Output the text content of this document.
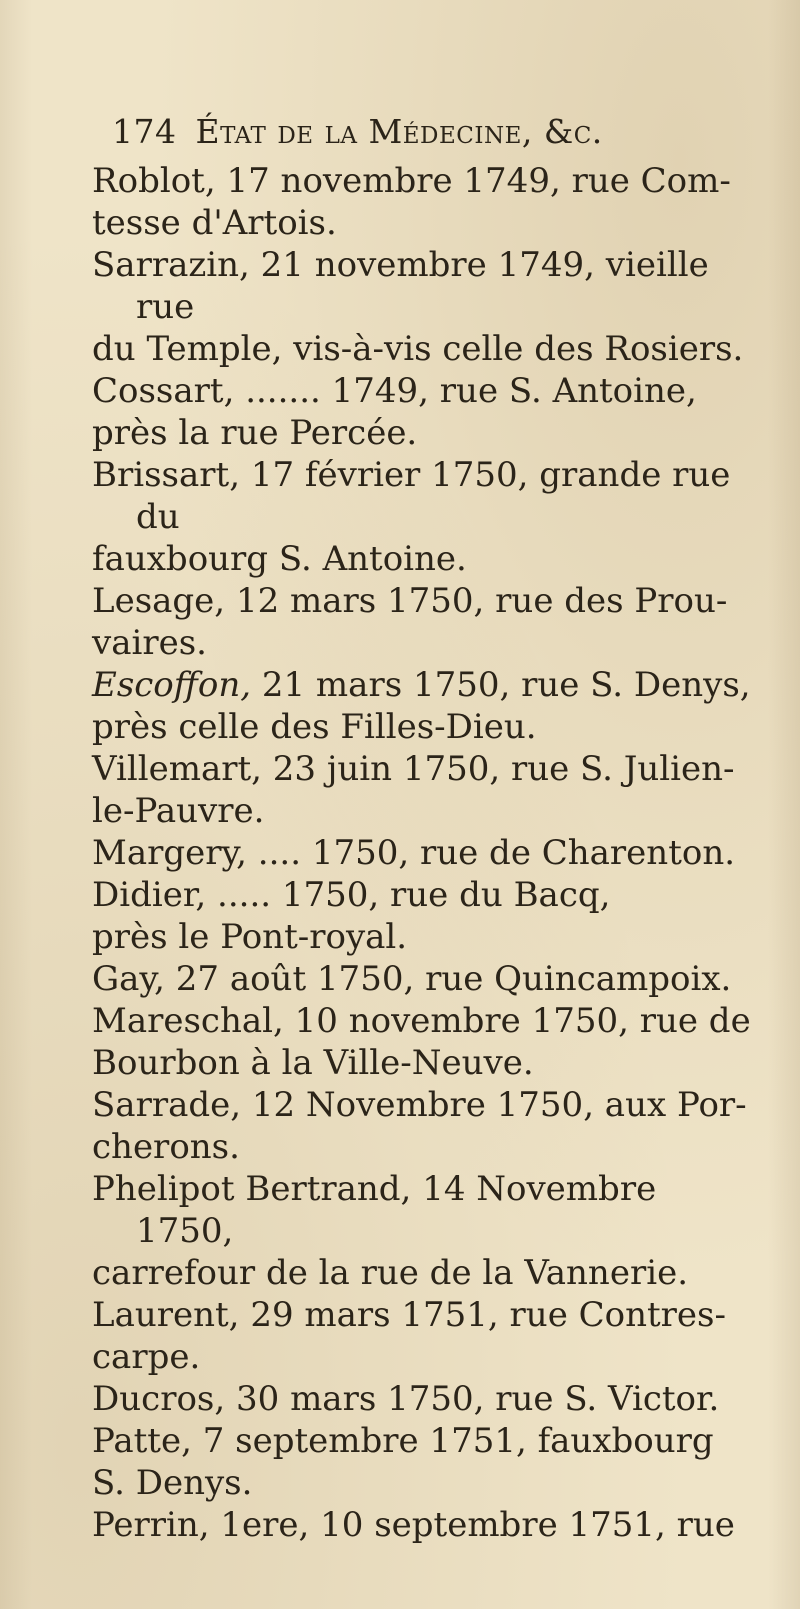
174 État de la Médecine, &c.

Roblot, 17 novembre 1749, rue Com-
tesse d'Artois.

Sarrazin, 21 novembre 1749, vieille rue
du Temple, vis-à-vis celle des Rosiers.

Cossart, ....... 1749, rue S. Antoine,
près la rue Percée.

Brissart, 17 février 1750, grande rue du
fauxbourg S. Antoine.

Lesage, 12 mars 1750, rue des Prou-
vaires.

Escoffon, 21 mars 1750, rue S. Denys,
près celle des Filles-Dieu.

Villemart, 23 juin 1750, rue S. Julien-
le-Pauvre.

Margery, .... 1750, rue de Charenton.

Didier, ..... 1750, rue du Bacq,
près le Pont-royal.

Gay, 27 août 1750, rue Quincampoix.

Mareschal, 10 novembre 1750, rue de
Bourbon à la Ville-Neuve.

Sarrade, 12 Novembre 1750, aux Por-
cherons.

Phelipot Bertrand, 14 Novembre 1750,
carrefour de la rue de la Vannerie.

Laurent, 29 mars 1751, rue Contres-
carpe.

Ducros, 30 mars 1750, rue S. Victor.

Patte, 7 septembre 1751, fauxbourg
S. Denys.

Perrin, 1ere, 10 septembre 1751, rue
